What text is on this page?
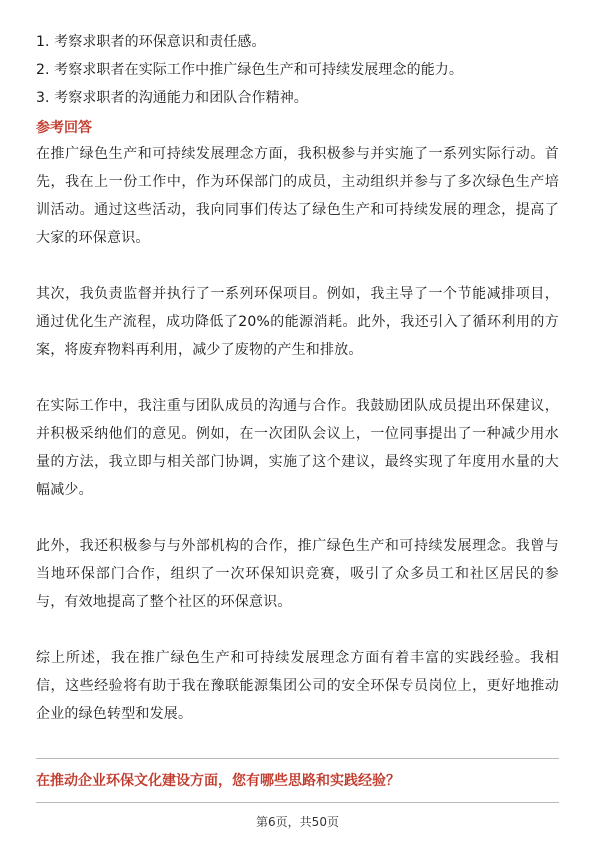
1. 考察求职者的环保意识和责任感。
2. 考察求职者在实际工作中推广绿色生产和可持续发展理念的能力。
3. 考察求职者的沟通能力和团队合作精神。
参考回答

在推广绿色生产和可持续发展理念方面，我积极参与并实施了一系列实际行动。首先，我在上一份工作中，作为环保部门的成员，主动组织并参与了多次绿色生产培训活动。通过这些活动，我向同事们传达了绿色生产和可持续发展的理念，提高了大家的环保意识。

其次，我负责监督并执行了一系列环保项目。例如，我主导了一个节能减排项目，通过优化生产流程，成功降低了20%的能源消耗。此外，我还引入了循环利用的方案，将废弃物料再利用，减少了废物的产生和排放。

在实际工作中，我注重与团队成员的沟通与合作。我鼓励团队成员提出环保建议，并积极采纳他们的意见。例如，在一次团队会议上，一位同事提出了一种减少用水量的方法，我立即与相关部门协调，实施了这个建议，最终实现了年度用水量的大幅减少。

此外，我还积极参与与外部机构的合作，推广绿色生产和可持续发展理念。我曾与当地环保部门合作，组织了一次环保知识竞赛，吸引了众多员工和社区居民的参与，有效地提高了整个社区的环保意识。

综上所述，我在推广绿色生产和可持续发展理念方面有着丰富的实践经验。我相信，这些经验将有助于我在豫联能源集团公司的安全环保专员岗位上，更好地推动企业的绿色转型和发展。

在推动企业环保文化建设方面，您有哪些思路和实践经验？
第6页，共50页
